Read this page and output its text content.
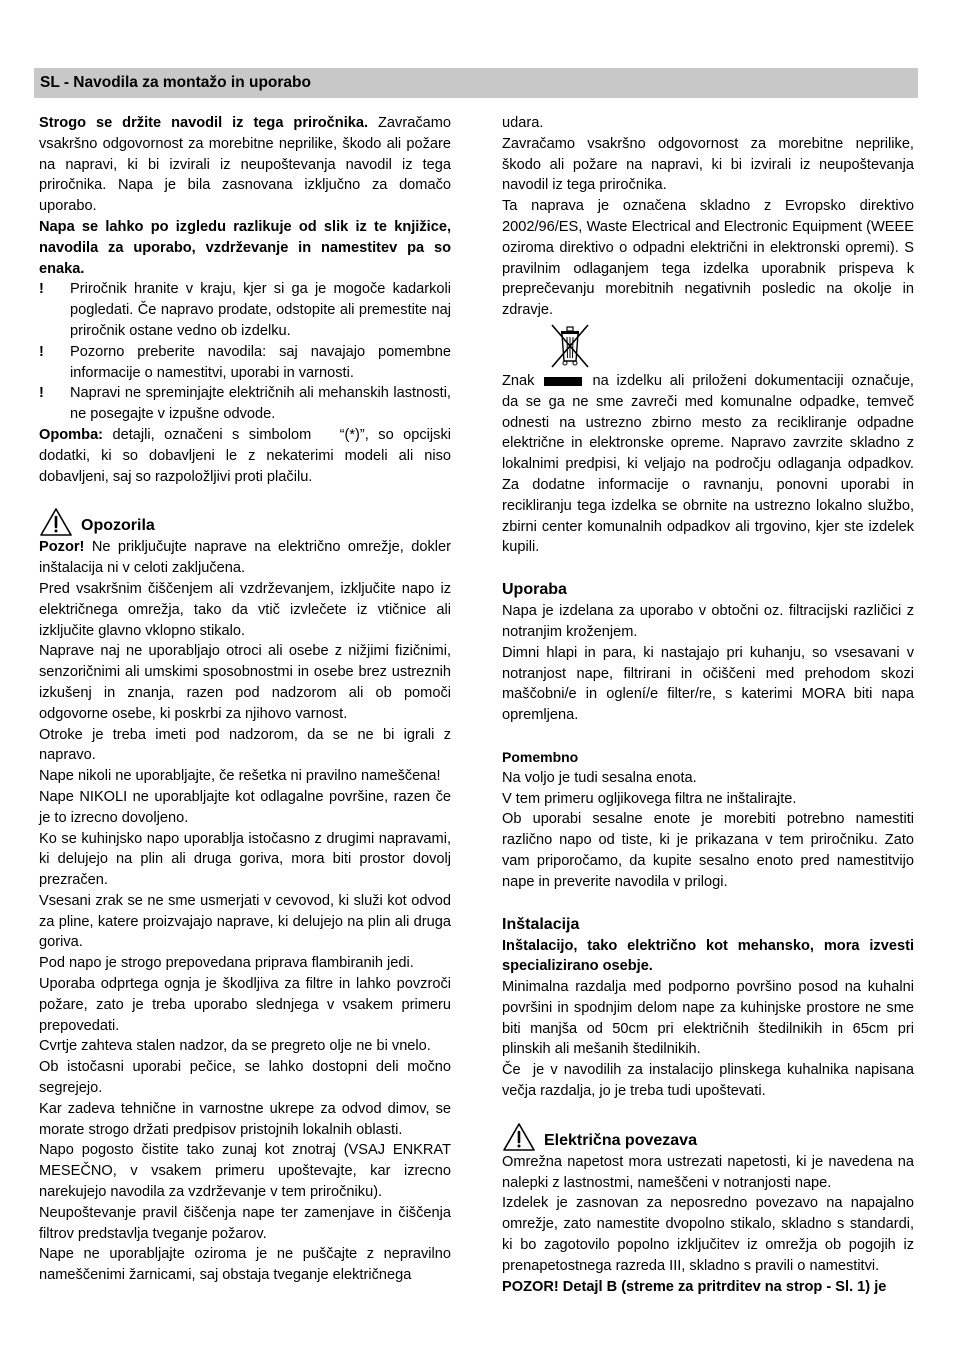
SL - Navodila za montažo in uporabo

Strogo se držite navodil iz tega priročnika. Zavračamo vsakršno odgovornost za morebitne neprilike, škodo ali požare na napravi, ki bi izvirali iz neupoštevanja navodil iz tega priročnika. Napa je bila zasnovana izključno za domačo uporabo.

Napa se lahko po izgledu razlikuje od slik iz te knjižice, navodila za uporabo, vzdrževanje in namestitev pa so enaka.

!	Priročnik hranite v kraju, kjer si ga je mogoče kadarkoli pogledati. Če napravo prodate, odstopite ali premestite naj priročnik ostane vedno ob izdelku.
!	Pozorno preberite navodila: saj navajajo pomembne informacije o namestitvi, uporabi in varnosti.
!	Napravi ne spreminjajte električnih ali mehanskih lastnosti, ne posegajte v izpušne odvode.

Opomba: detajli, označeni s simbolom   “(*)”, so opcijski dodatki, ki so dobavljeni le z nekaterimi modeli ali niso dobavljeni, saj so razpoložljivi proti plačilu.

Opozorila

Pozor! Ne priključujte naprave na električno omrežje, dokler inštalacija ni v celoti zaključena.

Pred vsakršnim čiščenjem ali vzdrževanjem, izključite napo iz električnega omrežja, tako da vtič izvlečete iz vtičnice ali izključite glavno vklopno stikalo.

Naprave naj ne uporabljajo otroci ali osebe z nižjimi fizičnimi, senzoričnimi ali umskimi sposobnostmi in osebe brez ustreznih izkušenj in znanja, razen pod nadzorom ali ob pomoči odgovorne osebe, ki poskrbi za njihovo varnost.

Otroke je treba imeti pod nadzorom, da se ne bi igrali z napravo.

Nape nikoli ne uporabljajte, če rešetka ni pravilno nameščena!

Nape NIKOLI ne uporabljajte kot odlagalne površine, razen če je to izrecno dovoljeno.

Ko se kuhinjsko napo uporablja istočasno z drugimi napravami, ki delujejo na plin ali druga goriva, mora biti prostor dovolj prezračen.

Vsesani zrak se ne sme usmerjati v cevovod, ki služi kot odvod za pline, katere proizvajajo naprave, ki delujejo na plin ali druga goriva.

Pod napo je strogo prepovedana priprava flambiranih jedi.

Uporaba odprtega ognja je škodljiva za filtre in lahko povzroči požare, zato je treba uporabo slednjega v vsakem primeru prepovedati.

Cvrtje zahteva stalen nadzor, da se pregreto olje ne bi vnelo.

Ob istočasni uporabi pečice, se lahko dostopni deli močno segrejejo.

Kar zadeva tehnične in varnostne ukrepe za odvod dimov, se morate strogo držati predpisov pristojnih lokalnih oblasti.

Napo pogosto čistite tako zunaj kot znotraj (VSAJ ENKRAT MESEČNO, v vsakem primeru upoštevajte, kar izrecno narekujejo navodila za vzdrževanje v tem priročniku).

Neupoštevanje pravil čiščenja nape ter zamenjave in čiščenja filtrov predstavlja tveganje požarov.

Nape ne uporabljajte oziroma je ne puščajte z nepravilno nameščenimi žarnicami, saj obstaja tveganje električnega

udara.

Zavračamo vsakršno odgovornost za morebitne neprilike, škodo ali požare na napravi, ki bi izvirali iz neupoštevanja navodil iz tega priročnika.

Ta naprava je označena skladno z Evropsko direktivo 2002/96/ES, Waste Electrical and Electronic Equipment (WEEE oziroma direktivo o odpadni električni in elektronski opremi). S pravilnim odlaganjem tega izdelka uporabnik prispeva k preprečevanju morebitnih negativnih posledic na okolje in zdravje.

Znak	na izdelku ali priloženi dokumentaciji označuje, da se ga ne sme zavreči med komunalne odpadke, temveč odnesti na ustrezno zbirno mesto za recikliranje odpadne električne in elektronske opreme. Napravo zavrzite skladno z lokalnimi predpisi, ki veljajo na področju odlaganja odpadkov. Za dodatne informacije o ravnanju, ponovni uporabi in recikliranju tega izdelka se obrnite na ustrezno lokalno službo, zbirni center komunalnih odpadkov ali trgovino, kjer ste izdelek kupili.

Uporaba

Napa je izdelana za uporabo v obtočni oz. filtracijski različici z notranjim kroženjem.

Dimni hlapi in para, ki nastajajo pri kuhanju, so vsesavani v notranjost nape, filtrirani in očiščeni med prehodom skozi maščobni/e in oglení/e filter/re, s katerimi MORA biti napa opremljena.

Pomembno

Na voljo je tudi sesalna enota.

V tem primeru ogljikovega filtra ne inštalirajte.

Ob uporabi sesalne enote je morebiti potrebno namestiti različno napo od tiste, ki je prikazana v tem priročniku. Zato vam priporočamo, da kupite sesalno enoto pred namestitvijo nape in preverite navodila v prilogi.

Inštalacija

Inštalacijo, tako električno kot mehansko, mora izvesti specializirano osebje.

Minimalna razdalja med podporno površino posod na kuhalni površini in spodnjim delom nape za kuhinjske prostore ne sme biti manjša od 50cm pri električnih štedilnikih in 65cm pri plinskih ali mešanih štedilnikih.

Če  je v navodilih za instalacijo plinskega kuhalnika napisana večja razdalja, jo je treba tudi upoštevati.

Električna povezava

Omrežna napetost mora ustrezati napetosti, ki je navedena na nalepki z lastnostmi, nameščeni v notranjosti nape.

Izdelek je zasnovan za neposredno povezavo na napajalno omrežje, zato namestite dvopolno stikalo, skladno s standardi, ki bo zagotovilo popolno izključitev iz omrežja ob pogojih iz prenapetostnega razreda III, skladno s pravili o namestitvi.

POZOR! Detajl B (streme za pritrditev na strop - Sl. 1) je
